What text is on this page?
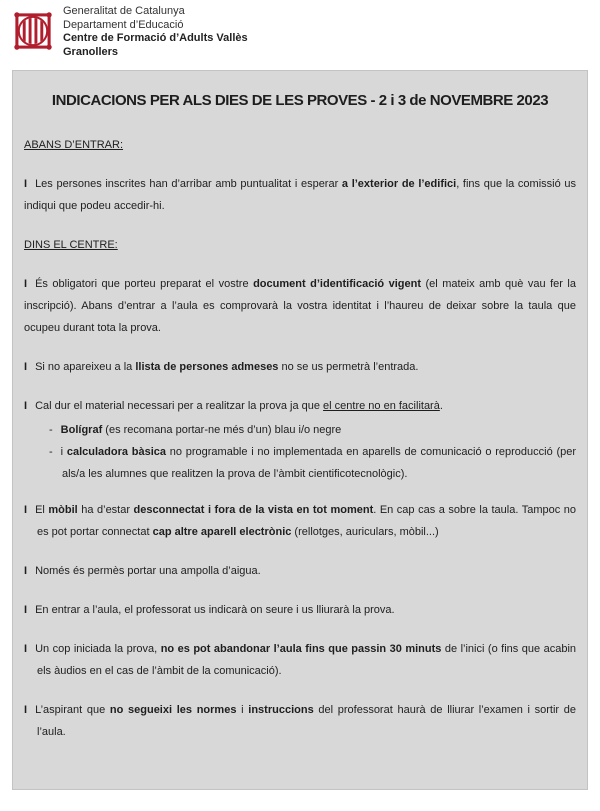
Generalitat de Catalunya
Departament d’Educació
Centre de Formació d’Adults Vallès
Granollers
INDICACIONS PER ALS DIES DE LES PROVES - 2 i 3 de NOVEMBRE 2023

ABANS D’ENTRAR:

I Les persones inscrites han d’arribar amb puntualitat i esperar a l’exterior de l’edifici, fins que la comissió us indiqui que podeu accedir-hi.

DINS EL CENTRE:

I És obligatori que porteu preparat el vostre document d’identificació vigent (el mateix amb què vau fer la inscripció). Abans d’entrar a l’aula es comprovarà la vostra identitat i l’haureu de deixar sobre la taula que ocupeu durant tota la prova.

I Si no apareixeu a la llista de persones admeses no se us permetrà l’entrada.

I Cal dur el material necessari per a realitzar la prova ja que el centre no en facilitarà.

- Bolígraf (es recomana portar-ne més d’un) blau i/o negre

- i calculadora bàsica no programable i no implementada en aparells de comunicació o reproducció (per als/a les alumnes que realitzen la prova de l’àmbit cientificotecnològic).

I El mòbil ha d’estar desconnectat i fora de la vista en tot moment. En cap cas a sobre la taula. Tampoc no es pot portar connectat cap altre aparell electrònic (rellotges, auriculars, mòbil...)

I Només és permès portar una ampolla d’aigua.

I En entrar a l’aula, el professorat us indicarà on seure i us lliurarà la prova.

I Un cop iniciada la prova, no es pot abandonar l’aula fins que passin 30 minuts de l’inici (o fins que acabin els àudios en el cas de l’àmbit de la comunicació).

I L’aspirant que no segueixi les normes i instruccions del professorat haurà de lliurar l’examen i sortir de l’aula.
